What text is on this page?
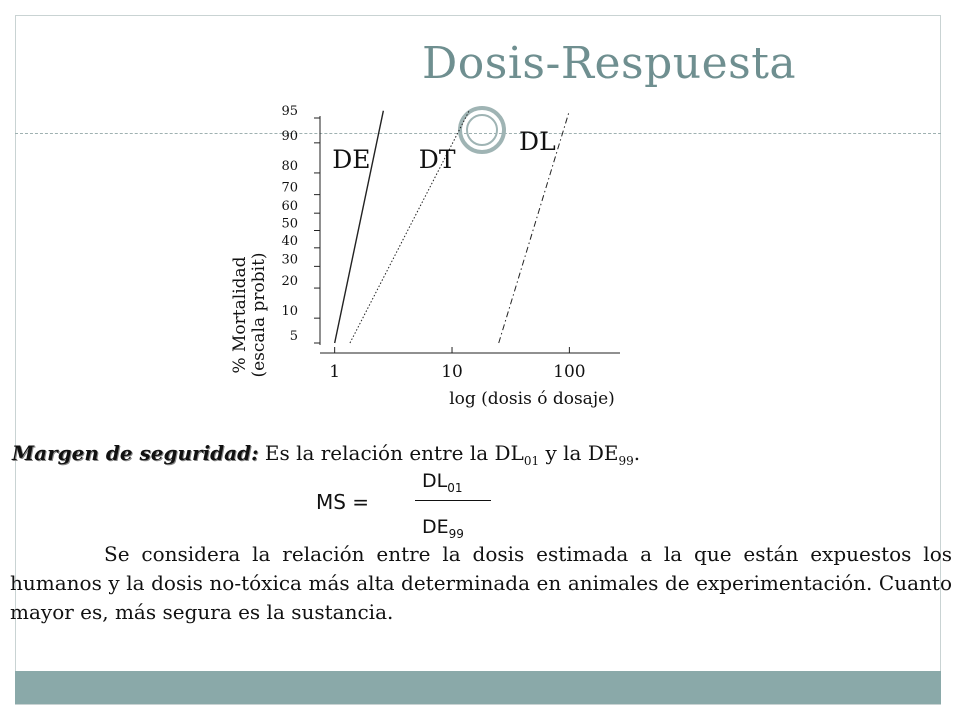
Dosis-Respuesta
5
10
20
30
40
50
60
70
80
90
95
1	10	100
DE DT
DL
% Mortalidad (escala probit)
log (dosis ó dosaje)
Margen de seguridad: Es la relación entre la $DL_{01}$ y la $DE_{99}$.
MS =
$DL_{01}$
$DE_{99}$
Se considera la relación entre la dosis estimada a la que están expuestos los humanos y la dosis no-tóxica más alta determinada en animales de experimentación. Cuanto mayor es, más segura es la sustancia.
